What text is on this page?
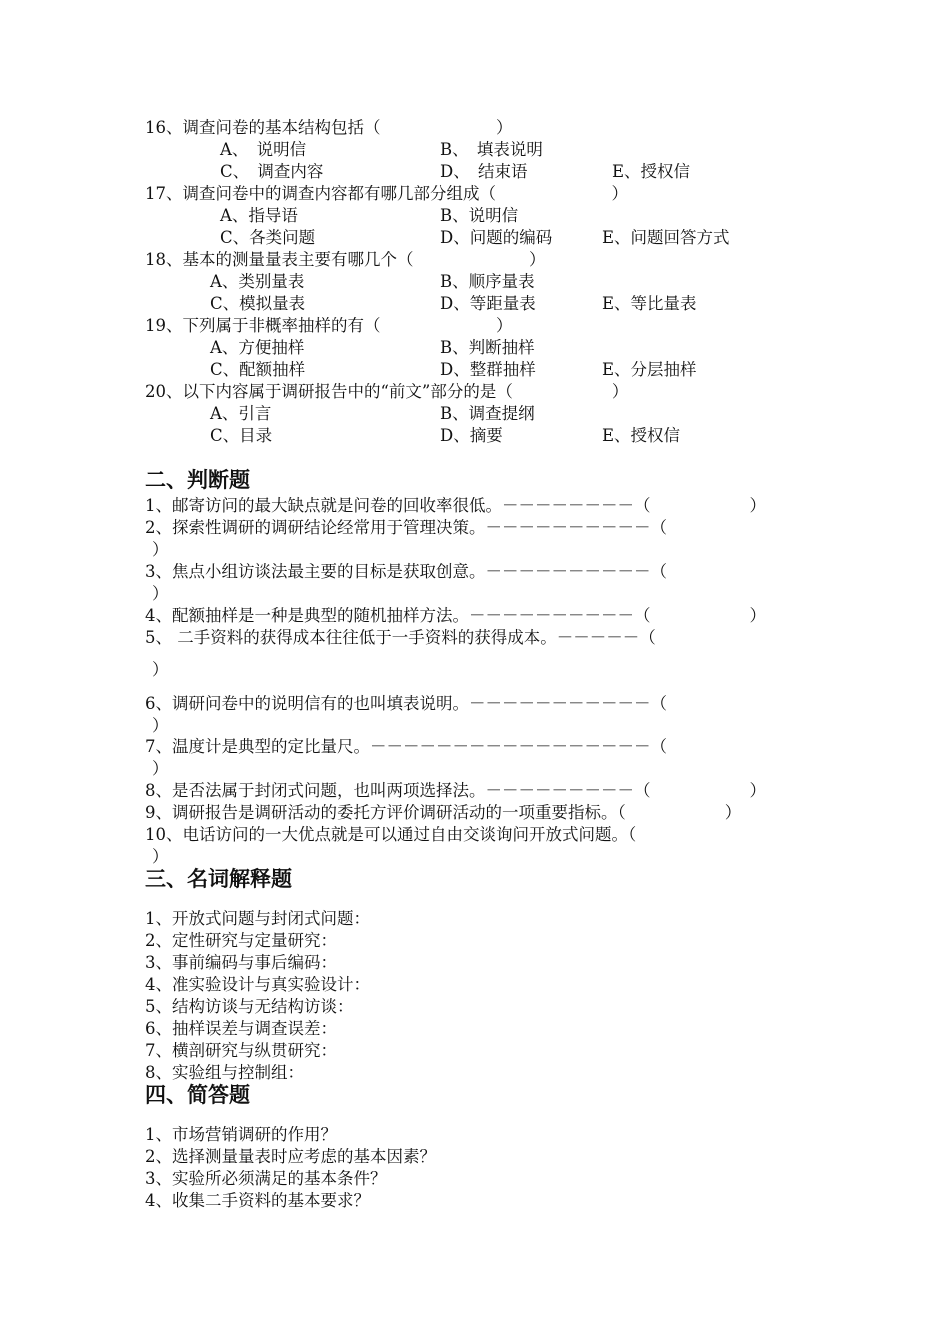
16、调查问卷的基本结构包括（　　　　　　　）
A、　说明信	B、　填表说明
C、　调查内容	D、　结束语	E、授权信
17、调查问卷中的调查内容都有哪几部分组成（　　　　　　　）
A、指导语	B、说明信
C、各类问题	D、问题的编码	E、问题回答方式
18、基本的测量量表主要有哪几个（　　　　　　　）
A、类别量表	B、顺序量表
C、模拟量表	D、等距量表	E、等比量表
19、下列属于非概率抽样的有（　　　　　　　）
A、方便抽样	B、判断抽样
C、配额抽样	D、整群抽样	E、分层抽样
20、以下内容属于调研报告中的“前文”部分的是（　　　　　　）
A、引言	B、调查提纲
C、目录	D、摘要	E、授权信
二、判断题
1、邮寄访问的最大缺点就是问卷的回收率很低。－－－－－－－－（　　　　　　）
2、探索性调研的调研结论经常用于管理决策。－－－－－－－－－－（
）
3、焦点小组访谈法最主要的目标是获取创意。－－－－－－－－－－（
）
4、配额抽样是一种是典型的随机抽样方法。－－－－－－－－－－（　　　　　　）
5、 二手资料的获得成本往往低于一手资料的获得成本。－－－－－（
）
6、调研问卷中的说明信有的也叫填表说明。－－－－－－－－－－－（
）
7、温度计是典型的定比量尺。－－－－－－－－－－－－－－－－－（
）
8、是否法属于封闭式问题，也叫两项选择法。－－－－－－－－－（　　　　　　）
9、调研报告是调研活动的委托方评价调研活动的一项重要指标。（　　　　　　）
10、电话访问的一大优点就是可以通过自由交谈询问开放式问题。（
）
三、名词解释题
1、开放式问题与封闭式问题：
2、定性研究与定量研究：
3、事前编码与事后编码：
4、准实验设计与真实验设计：
5、结构访谈与无结构访谈：
6、抽样误差与调查误差：
7、横剖研究与纵贯研究：
8、实验组与控制组：
四、简答题
1、市场营销调研的作用？
2、选择测量量表时应考虑的基本因素？
3、实验所必须满足的基本条件？
4、收集二手资料的基本要求？
